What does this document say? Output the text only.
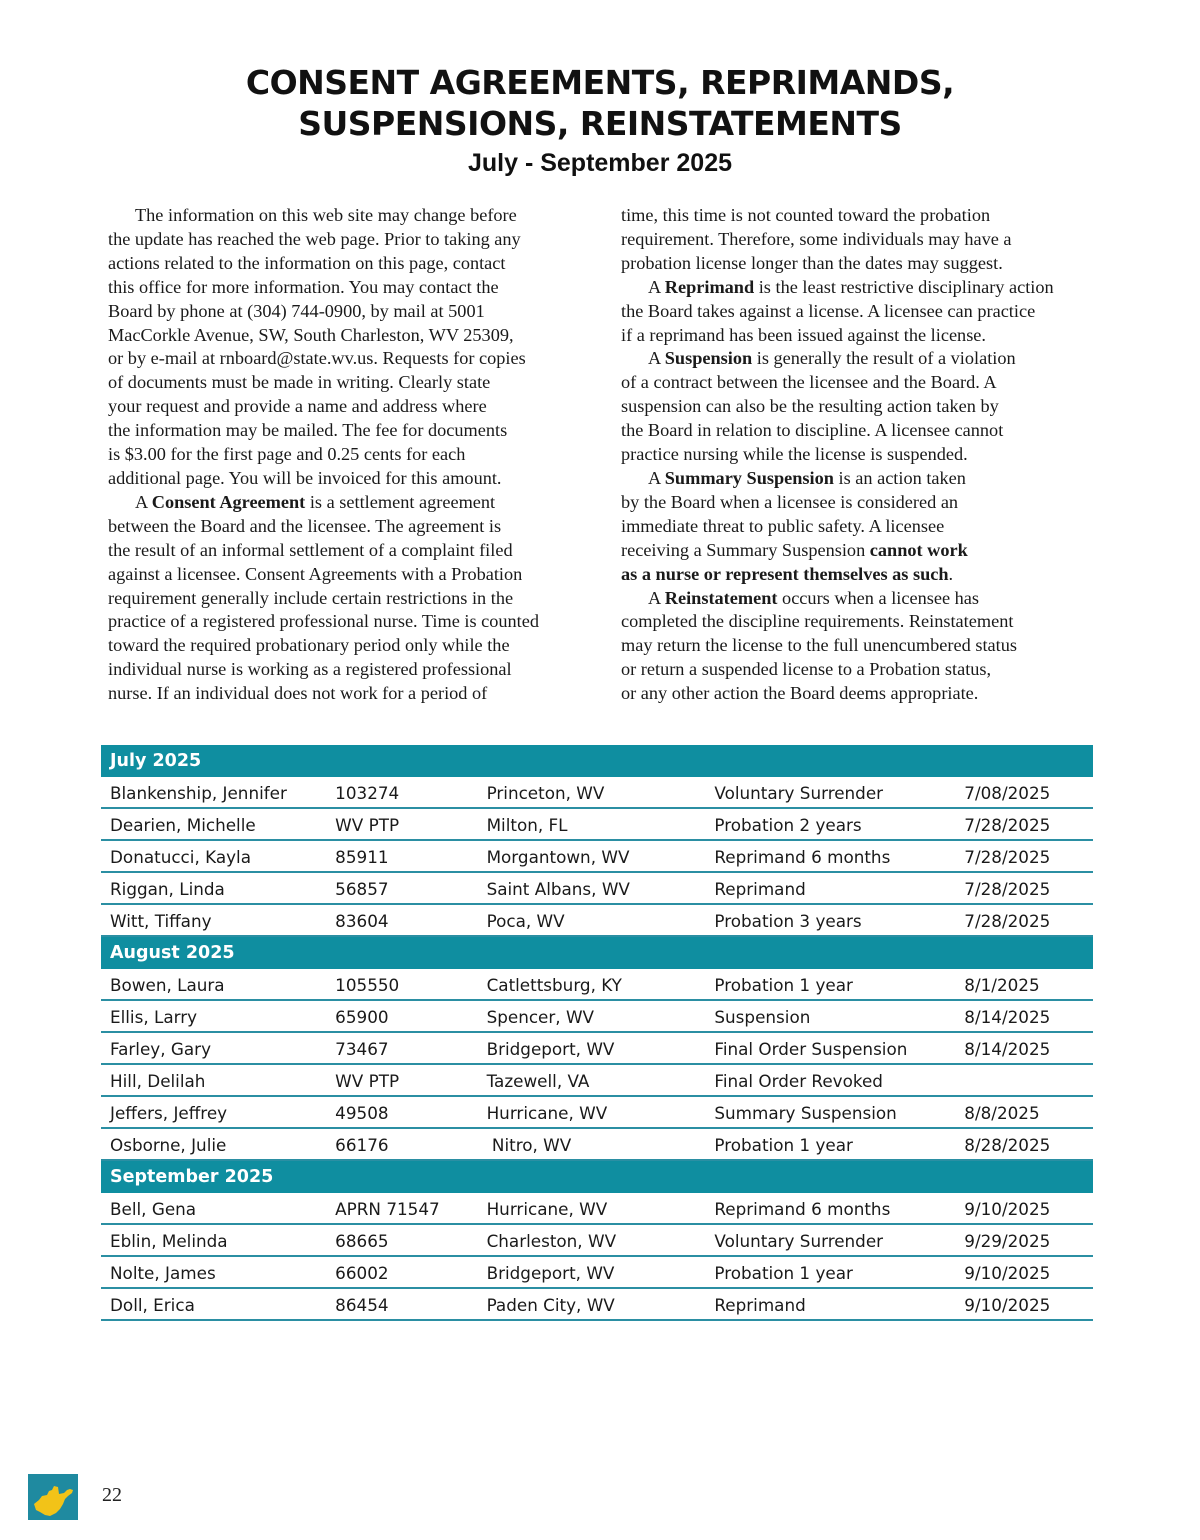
CONSENT AGREEMENTS, REPRIMANDS,
SUSPENSIONS, REINSTATEMENTS
July - September 2025

The information on this web site may change before

the update has reached the web page. Prior to taking any

actions related to the information on this page, contact

this office for more information. You may contact the

Board by phone at (304) 744-0900, by mail at 5001

MacCorkle Avenue, SW, South Charleston, WV 25309,

or by e-mail at rnboard@state.wv.us. Requests for copies

of documents must be made in writing. Clearly state

your request and provide a name and address where

the information may be mailed. The fee for documents

is $3.00 for the first page and 0.25 cents for each

additional page. You will be invoiced for this amount.

A Consent Agreement is a settlement agreement

between the Board and the licensee. The agreement is

the result of an informal settlement of a complaint filed

against a licensee. Consent Agreements with a Probation

requirement generally include certain restrictions in the

practice of a registered professional nurse. Time is counted

toward the required probationary period only while the

individual nurse is working as a registered professional

nurse. If an individual does not work for a period of

time, this time is not counted toward the probation

requirement. Therefore, some individuals may have a

probation license longer than the dates may suggest.

A Reprimand is the least restrictive disciplinary action

the Board takes against a license. A licensee can practice

if a reprimand has been issued against the license.

A Suspension is generally the result of a violation

of a contract between the licensee and the Board. A

suspension can also be the resulting action taken by

the Board in relation to discipline. A licensee cannot

practice nursing while the license is suspended.

A Summary Suspension is an action taken

by the Board when a licensee is considered an

immediate threat to public safety. A licensee

receiving a Summary Suspension cannot work

as a nurse or represent themselves as such.

A Reinstatement occurs when a licensee has

completed the discipline requirements. Reinstatement

may return the license to the full unencumbered status

or return a suspended license to a Probation status,

or any other action the Board deems appropriate.

July 2025				
Blankenship, Jennifer	103274	Princeton, WV	Voluntary Surrender	7/08/2025
Dearien, Michelle	WV PTP	Milton, FL	Probation 2 years	7/28/2025
Donatucci, Kayla	85911	Morgantown, WV	Reprimand 6 months	7/28/2025
Riggan, Linda	56857	Saint Albans, WV	Reprimand	7/28/2025
Witt, Tiffany	83604	Poca, WV	Probation 3 years	7/28/2025
August 2025				
Bowen, Laura	105550	Catlettsburg, KY	Probation 1 year	8/1/2025
Ellis, Larry	65900	Spencer, WV	Suspension	8/14/2025
Farley, Gary	73467	Bridgeport, WV	Final Order Suspension	8/14/2025
Hill, Delilah	WV PTP	Tazewell, VA	Final Order Revoked	
Jeffers, Jeffrey	49508	Hurricane, WV	Summary Suspension	8/8/2025
Osborne, Julie	66176	Nitro, WV	Probation 1 year	8/28/2025
September 2025				
Bell, Gena	APRN 71547	Hurricane, WV	Reprimand 6 months	9/10/2025
Eblin, Melinda	68665	Charleston, WV	Voluntary Surrender	9/29/2025
Nolte, James	66002	Bridgeport, WV	Probation 1 year	9/10/2025
Doll, Erica	86454	Paden City, WV	Reprimand	9/10/2025
22
